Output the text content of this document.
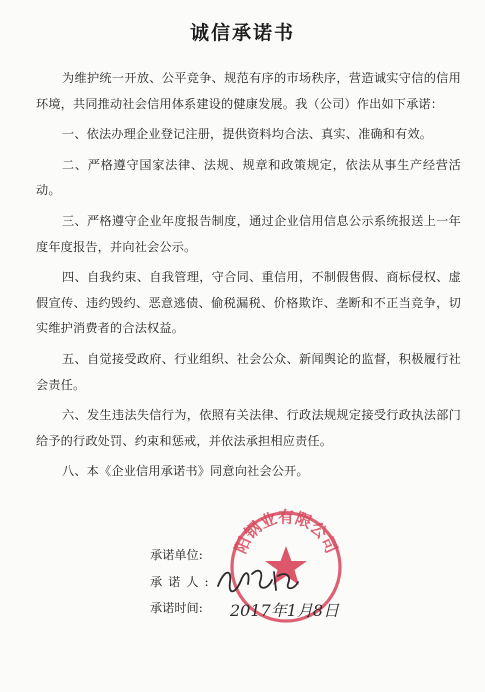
诚信承诺书

为维护统一开放、公平竞争、规范有序的市场秩序，营造诚实守信的信用环境，共同推动社会信用体系建设的健康发展。我（公司）作出如下承诺：

一、依法办理企业登记注册，提供资料均合法、真实、准确和有效。

二、严格遵守国家法律、法规、规章和政策规定，依法从事生产经营活动。

三、严格遵守企业年度报告制度，通过企业信用信息公示系统报送上一年度年度报告，并向社会公示。

四、自我约束、自我管理，守合同、重信用，不制假售假、商标侵权、虚假宣传、违约毁约、恶意逃债、偷税漏税、价格欺诈、垄断和不正当竞争，切实维护消费者的合法权益。

五、自觉接受政府、行业组织、社会公众、新闻舆论的监督，积极履行社会责任。

六、发生违法失信行为，依照有关法律、行政法规规定接受行政执法部门给予的行政处罚、约束和惩戒，并依法承担相应责任。

八、本《企业信用承诺书》同意向社会公开。

承诺单位:
承诺人:
承诺时间:
阳钢业有限公司
2017年1月8日
